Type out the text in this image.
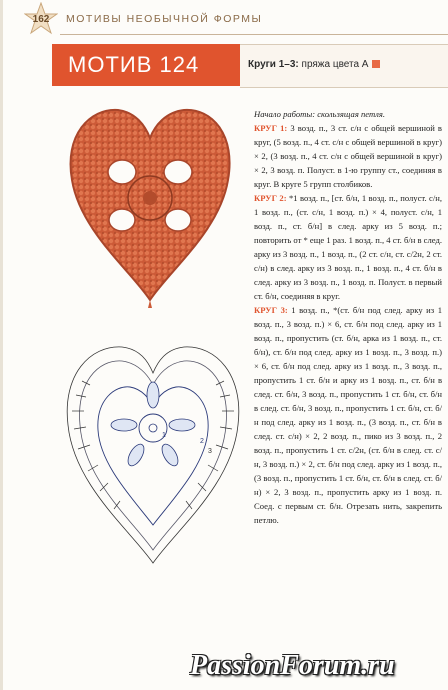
162 МОТИВЫ НЕОБЫЧНОЙ ФОРМЫ
МОТИВ 124	Круги 1–3: пряжа цвета A
1
2
3

Начало работы: скользящая петля.

КРУГ 1: 3 возд. п., 3 ст. с/н с общей вершиной в круг, (5 возд. п., 4 ст. с/н с общей вершиной в круг) × 2, (3 возд. п., 4 ст. с/н с общей вершиной в круг) × 2, 3 возд. п. Полуст. в 1-ю группу ст., соединяя в круг. В круге 5 групп столбиков.

КРУГ 2: *1 возд. п., [ст. б/н, 1 возд. п., полуст. с/н, 1 возд. п., (ст. с/н, 1 возд. п.) × 4, полуст. с/н, 1 возд. п., ст. б/н] в след. арку из 5 возд. п.; повторить от * еще 1 раз. 1 возд. п., 4 ст. б/н в след. арку из 3 возд. п., 1 возд. п., (2 ст. с/н, ст. с/2н, 2 ст. с/н) в след. арку из 3 возд. п., 1 возд. п., 4 ст. б/н в след. арку из 3 возд. п., 1 возд. п. Полуст. в первый ст. б/н, соединяя в круг.

КРУГ 3: 1 возд. п., *(ст. б/н под след. арку из 1 возд. п., 3 возд. п.) × 6, ст. б/н под след. арку из 1 возд. п., пропустить (ст. б/н, арка из 1 возд. п., ст. б/н), ст. б/н под след. арку из 1 возд. п., 3 возд. п.) × 6, ст. б/н под след. арку из 1 возд. п., 3 возд. п., пропустить 1 ст. б/н и арку из 1 возд. п., ст. б/н в след. ст. б/н, 3 возд. п., пропустить 1 ст. б/н, ст. б/н в след. ст. б/н, 3 возд. п., пропустить 1 ст. б/н, ст. б/н под след. арку из 1 возд. п., (3 возд. п., ст. б/н в след. ст. с/н) × 2, 2 возд. п., пико из 3 возд. п., 2 возд. п., пропустить 1 ст. с/2н, (ст. б/н в след. ст. с/н, 3 возд. п.) × 2, ст. б/н под след. арку из 1 возд. п., (3 возд. п., пропустить 1 ст. б/н, ст. б/н в след. ст. б/н) × 2, 3 возд. п., пропустить арку из 1 возд. п. Соед. с первым ст. б/н. Отрезать нить, закрепить петлю.

PassionForum.ru
